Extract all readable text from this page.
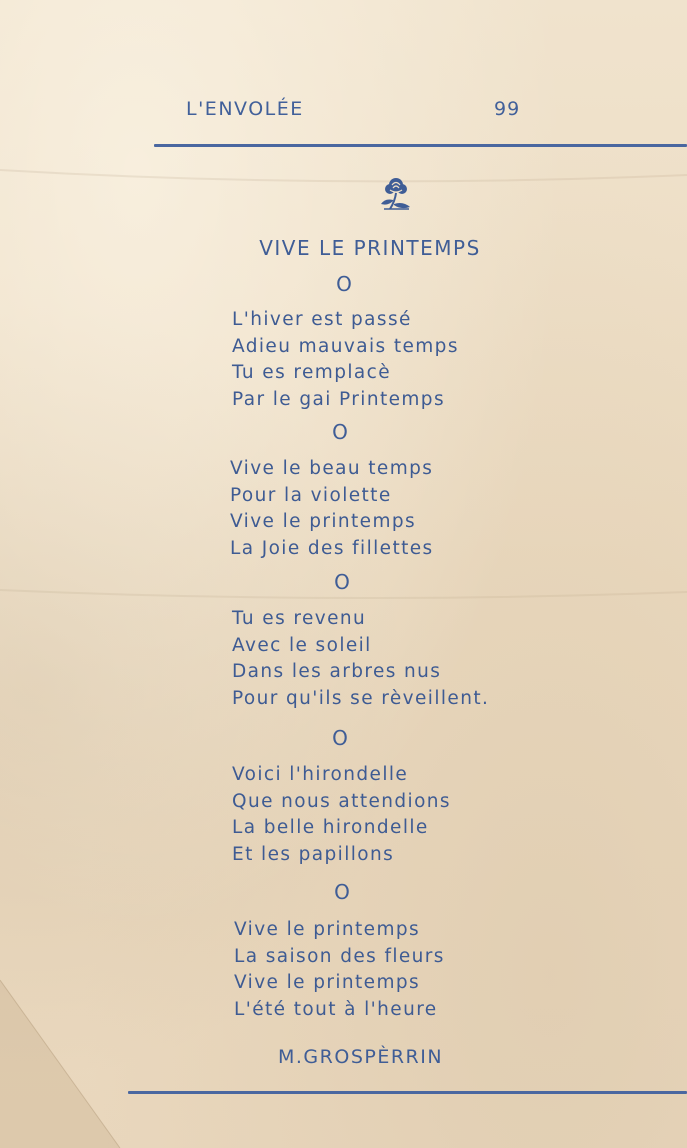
L'ENVOLÉE	99
VIVE LE PRINTEMPS
O
L'hiver est passé
Adieu mauvais temps
Tu es remplacè
Par le gai Printemps
O
Vive le beau temps
Pour la violette
Vive le printemps
La Joie des fillettes
O
Tu es revenu
Avec le soleil
Dans les arbres nus
Pour qu'ils se rèveillent.
O
Voici l'hirondelle
Que nous attendions
La belle hirondelle
Et les papillons
O
Vive le printemps
La saison des fleurs
Vive le printemps
L'été tout à l'heure
M.GROSPÈRRIN
